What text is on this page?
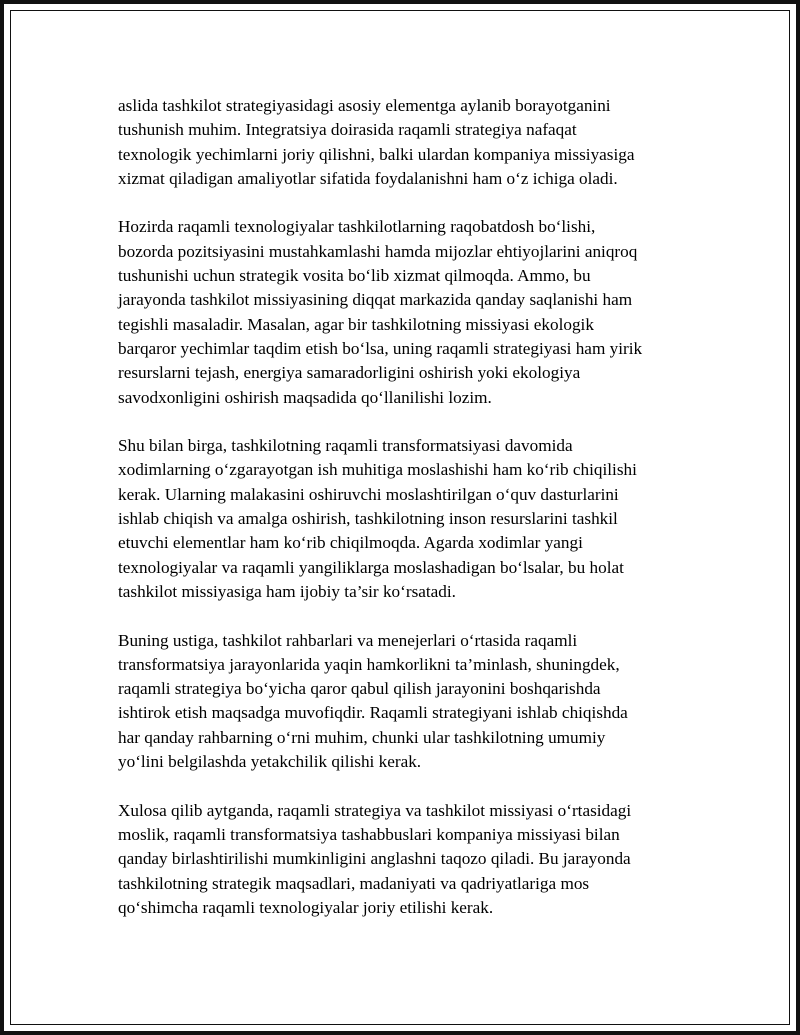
aslida tashkilot strategiyasidagi asosiy elementga aylanib borayotganini
tushunish muhim. Integratsiya doirasida raqamli strategiya nafaqat
texnologik yechimlarni joriy qilishni, balki ulardan kompaniya missiyasiga
xizmat qiladigan amaliyotlar sifatida foydalanishni ham o‘z ichiga oladi.

Hozirda raqamli texnologiyalar tashkilotlarning raqobatdosh bo‘lishi,
bozorda pozitsiyasini mustahkamlashi hamda mijozlar ehtiyojlarini aniqroq
tushunishi uchun strategik vosita bo‘lib xizmat qilmoqda. Ammo, bu
jarayonda tashkilot missiyasining diqqat markazida qanday saqlanishi ham
tegishli masaladir. Masalan, agar bir tashkilotning missiyasi ekologik
barqaror yechimlar taqdim etish bo‘lsa, uning raqamli strategiyasi ham yirik
resurslarni tejash, energiya samaradorligini oshirish yoki ekologiya
savodxonligini oshirish maqsadida qo‘llanilishi lozim.

Shu bilan birga, tashkilotning raqamli transformatsiyasi davomida
xodimlarning o‘zgarayotgan ish muhitiga moslashishi ham ko‘rib chiqilishi
kerak. Ularning malakasini oshiruvchi moslashtirilgan o‘quv dasturlarini
ishlab chiqish va amalga oshirish, tashkilotning inson resurslarini tashkil
etuvchi elementlar ham ko‘rib chiqilmoqda. Agarda xodimlar yangi
texnologiyalar va raqamli yangiliklarga moslashadigan bo‘lsalar, bu holat
tashkilot missiyasiga ham ijobiy ta’sir ko‘rsatadi.

Buning ustiga, tashkilot rahbarlari va menejerlari o‘rtasida raqamli
transformatsiya jarayonlarida yaqin hamkorlikni ta’minlash, shuningdek,
raqamli strategiya bo‘yicha qaror qabul qilish jarayonini boshqarishda
ishtirok etish maqsadga muvofiqdir. Raqamli strategiyani ishlab chiqishda
har qanday rahbarning o‘rni muhim, chunki ular tashkilotning umumiy
yo‘lini belgilashda yetakchilik qilishi kerak.

Xulosa qilib aytganda, raqamli strategiya va tashkilot missiyasi o‘rtasidagi
moslik, raqamli transformatsiya tashabbuslari kompaniya missiyasi bilan
qanday birlashtirilishi mumkinligini anglashni taqozo qiladi. Bu jarayonda
tashkilotning strategik maqsadlari, madaniyati va qadriyatlariga mos
qo‘shimcha raqamli texnologiyalar joriy etilishi kerak.
